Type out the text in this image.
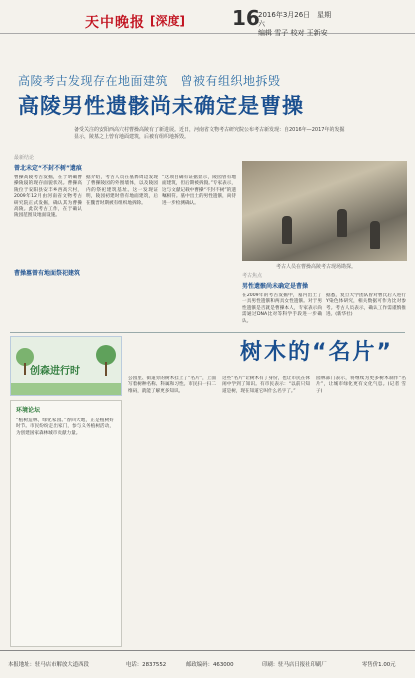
天中晚报 [深度] 16
2016年3月26日　星期六
编辑 雪子 校对 王新安
高陵考古发现存在地面建筑　曾被有组织地拆毁
高陵男性遗骸尚未确定是曹操
备受关注的安阳西高穴村曹操高陵有了新进展。近日，河南省文物考古研究院公布考古新发现：自2016年—2017年的发掘显示，陵墓之上曾有地面建筑，后被有组织地拆毁。
最新结论
曾北未定“不封不树”遗痕
曹操高陵考古发掘，在于明确曹操陵寝的现存面貌状况。曹操高陵位于安阳县安丰乡西高穴村，2009年12月由河南省文物考古研究院正式发掘，确认其为曹操高陵。此次考古工作，在于确认陵园范围及地面设施。
曹操墓曾有地面祭祀建筑
据介绍，考古人员在墓葬周边发现了曹操陵园的外围墙体，以及陵园内的祭祀建筑基址。这一发现证明，陵园初建时曾有地面建筑，后在魏晋时期被有组织地拆除。
“这项目确有证据显示，陵园曾有地面建筑，但后期被拆毁。”专家表示，这与文献记载中曹操“不封不树”的遗嘱相符。墓中出土的男性遗骸，尚待进一步检测确认。
考古人员在曹操高陵考古现场勘探。
考古焦点
男性遗骸尚未确定是曹操
在2009年的考古发掘中，墓内出土了一具男性遗骸和两具女性遗骸。对于男性遗骸是否就是曹操本人，专家表示尚需通过DNA比对等科学手段进一步确认。
据悉，复旦大学团队曾对曹氏后人进行Y染色体研究，相关数据可作为比对参考。考古人员表示，确认工作需谨慎推进。(新华社)
创森进行时
环境论坛
“植树造林，绿化家园。”春回大地，正是植树好时节。市民纷纷走出家门，参与义务植树活动，为创建国家森林城市贡献力量。
树木的“名片”
公园里、街道旁的树木挂上了“名片”，上面写着树种名称、科属和习性。市民扫一扫二维码，就能了解更多知识。
这些“名片”让树木有了身份，也让市民在休闲中学到了知识。有市民表示：“以前只知道是树，现在知道它叫什么名字了。”
园林部门表示，将继续为更多树木制作“名片”，让城市绿化更有文化气息。(记者 雪子)
本报地址：驻马店市解放大道西段	电话：2837552	邮政编码：463000	印刷：驻马店日报社印刷厂	零售价1.00元
